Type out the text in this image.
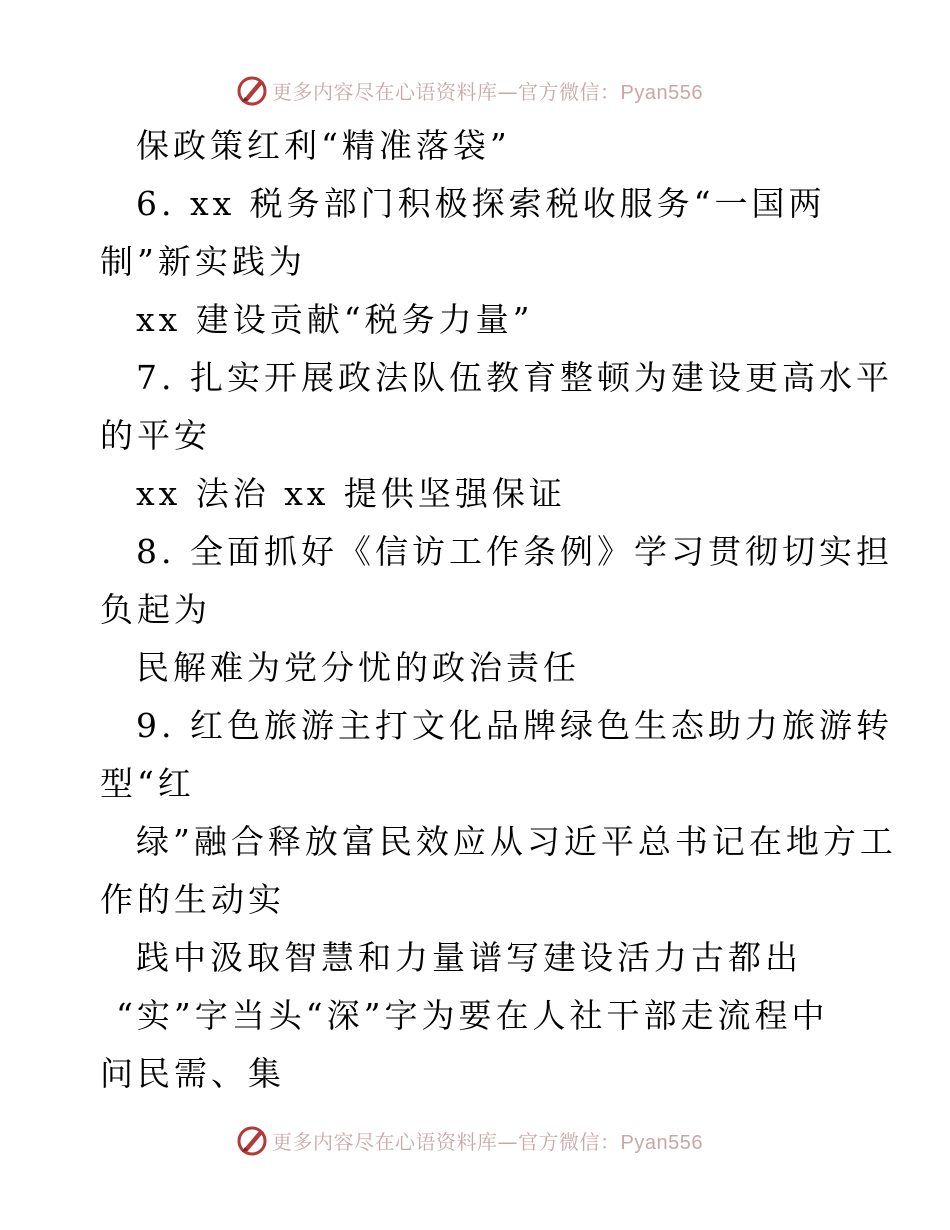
更多内容尽在心语资料库—官方微信：Pyan556
保政策红利“精准落袋”
6. xx 税务部门积极探索税收服务“一国两
制”新实践为
xx 建设贡献“税务力量”
7. 扎实开展政法队伍教育整顿为建设更高水平
的平安
xx 法治 xx 提供坚强保证
8. 全面抓好《信访工作条例》学习贯彻切实担
负起为
民解难为党分忧的政治责任
9. 红色旅游主打文化品牌绿色生态助力旅游转
型“红
绿”融合释放富民效应从习近平总书记在地方工
作的生动实
践中汲取智慧和力量谱写建设活力古都出
“实”字当头“深”字为要在人社干部走流程中
问民需、集
更多内容尽在心语资料库—官方微信：Pyan556
